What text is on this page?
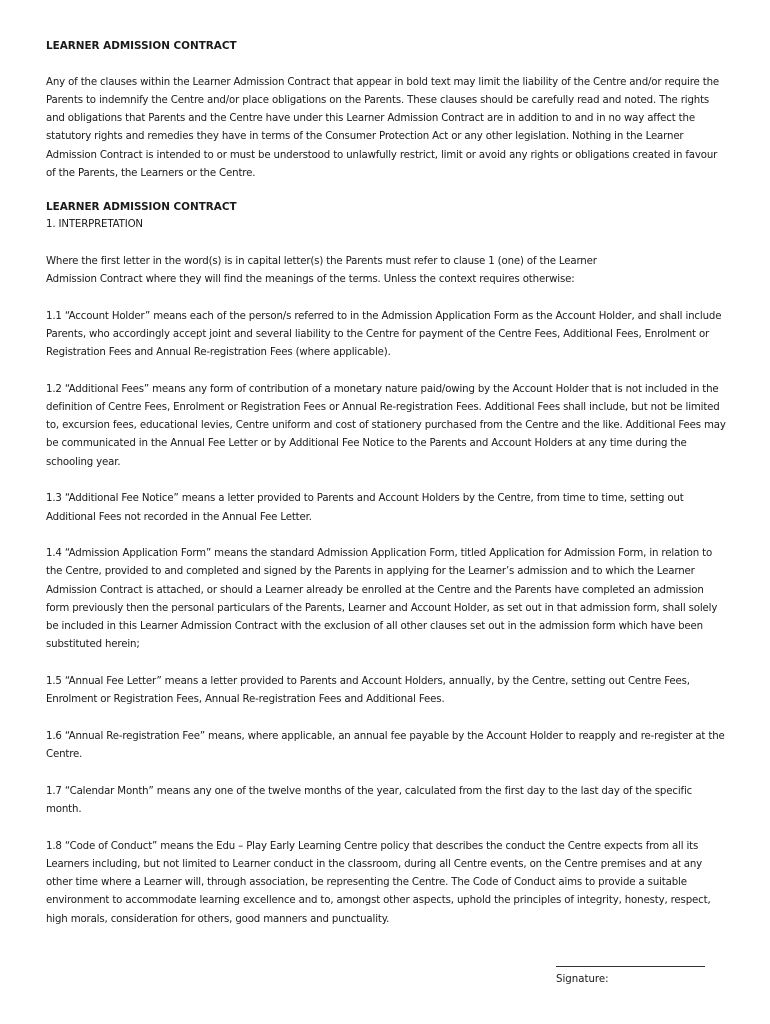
LEARNER ADMISSION CONTRACT

Any of the clauses within the Learner Admission Contract that appear in bold text may limit the liability of the Centre and/or require the Parents to indemnify the Centre and/or place obligations on the Parents. These clauses should be carefully read and noted. The rights and obligations that Parents and the Centre have under this Learner Admission Contract are in addition to and in no way affect the statutory rights and remedies they have in terms of the Consumer Protection Act or any other legislation. Nothing in the Learner Admission Contract is intended to or must be understood to unlawfully restrict, limit or avoid any rights or obligations created in favour of the Parents, the Learners or the Centre.

LEARNER ADMISSION CONTRACT

1. INTERPRETATION

Where the first letter in the word(s) is in capital letter(s) the Parents must refer to clause 1 (one) of the Learner Admission Contract where they will find the meanings of the terms. Unless the context requires otherwise:

1.1 “Account Holder” means each of the person/s referred to in the Admission Application Form as the Account Holder, and shall include Parents, who accordingly accept joint and several liability to the Centre for payment of the Centre Fees, Additional Fees, Enrolment or Registration Fees and Annual Re-registration Fees (where applicable).

1.2 “Additional Fees” means any form of contribution of a monetary nature paid/owing by the Account Holder that is not included in the definition of Centre Fees, Enrolment or Registration Fees or Annual Re-registration Fees. Additional Fees shall include, but not be limited to, excursion fees, educational levies, Centre uniform and cost of stationery purchased from the Centre and the like. Additional Fees may be communicated in the Annual Fee Letter or by Additional Fee Notice to the Parents and Account Holders at any time during the schooling year.

1.3 “Additional Fee Notice” means a letter provided to Parents and Account Holders by the Centre, from time to time, setting out Additional Fees not recorded in the Annual Fee Letter.

1.4 “Admission Application Form” means the standard Admission Application Form, titled Application for Admission Form, in relation to the Centre, provided to and completed and signed by the Parents in applying for the Learner’s admission and to which the Learner Admission Contract is attached, or should a Learner already be enrolled at the Centre and the Parents have completed an admission form previously then the personal particulars of the Parents, Learner and Account Holder, as set out in that admission form, shall solely be included in this Learner Admission Contract with the exclusion of all other clauses set out in the admission form which have been substituted herein;

1.5 “Annual Fee Letter” means a letter provided to Parents and Account Holders, annually, by the Centre, setting out Centre Fees, Enrolment or Registration Fees, Annual Re-registration Fees and Additional Fees.

1.6 “Annual Re-registration Fee” means, where applicable, an annual fee payable by the Account Holder to reapply and re-register at the Centre.

1.7 “Calendar Month” means any one of the twelve months of the year, calculated from the first day to the last day of the specific month.

1.8 “Code of Conduct” means the Edu – Play Early Learning Centre policy that describes the conduct the Centre expects from all its Learners including, but not limited to Learner conduct in the classroom, during all Centre events, on the Centre premises and at any other time where a Learner will, through association, be representing the Centre. The Code of Conduct aims to provide a suitable environment to accommodate learning excellence and to, amongst other aspects, uphold the principles of integrity, honesty, respect, high morals, consideration for others, good manners and punctuality.

Signature:
